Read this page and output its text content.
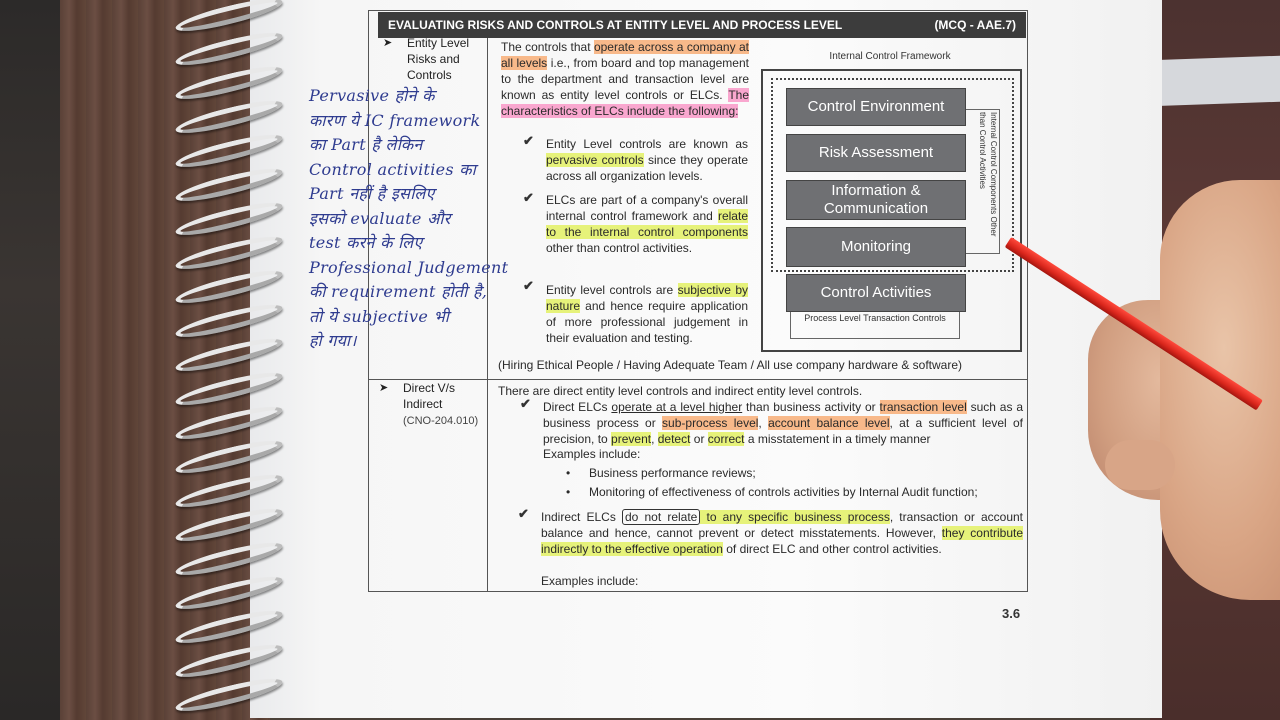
EVALUATING RISKS AND CONTROLS AT ENTITY LEVEL AND PROCESS LEVEL	(MCQ - AAE.7)
➤ Entity Level Risks and Controls
The controls that operate across a company at all levels i.e., from board and top management to the department and transaction level are known as entity level controls or ELCs. The characteristics of ELCs include the following:
✔ Entity Level controls are known as pervasive controls since they operate across all organization levels.
✔ ELCs are part of a company's overall internal control framework and relate to the internal control components other than control activities.
✔ Entity level controls are subjective by nature and hence require application of more professional judgement in their evaluation and testing.
Internal Control Framework
Control Environment
Risk Assessment
Information & Communication
Monitoring
Internal Control Components Other than Control Activities
Control Activities
Process Level Transaction Controls
(Hiring Ethical People / Having Adequate Team / All use company hardware & software)
➤ Direct V/s Indirect
(CNO-204.010)
There are direct entity level controls and indirect entity level controls.
✔ Direct ELCs operate at a level higher than business activity or transaction level such as a business process or sub-process level, account balance level, at a sufficient level of precision, to prevent, detect or correct a misstatement in a timely manner
Examples include:
• Business performance reviews;
• Monitoring of effectiveness of controls activities by Internal Audit function;
✔ Indirect ELCs do not relate to any specific business process, transaction or account balance and hence, cannot prevent or detect misstatements. However, they contribute indirectly to the effective operation of direct ELC and other control activities.
Examples include:
3.6
Pervasive होने के
कारण ये IC framework
का Part है लेकिन
Control activities का
Part नहीं है इसलिए
इसको evaluate और
test करने के लिए
Professional Judgement
की requirement होती है,
तो ये subjective भी
हो गया।
